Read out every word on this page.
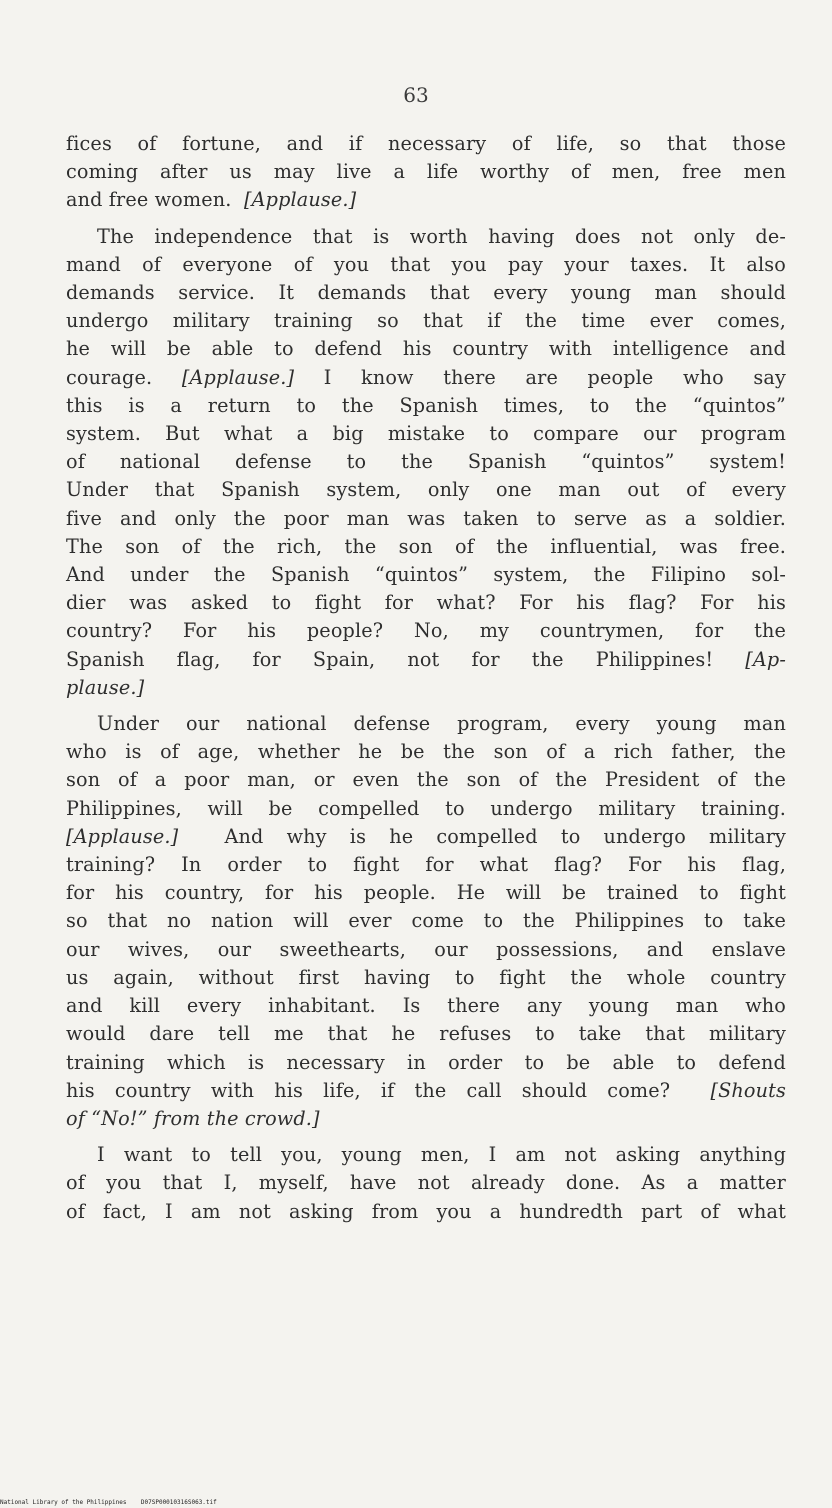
63
fices of fortune, and if necessary of life, so that those
coming after us may live a life worthy of men, free men
and free women. [Applause.]
The independence that is worth having does not only de-
mand of everyone of you that you pay your taxes. It also
demands service. It demands that every young man should
undergo military training so that if the time ever comes,
he will be able to defend his country with intelligence and
courage. [Applause.] I know there are people who say
this is a return to the Spanish times, to the “quintos”
system. But what a big mistake to compare our program
of national defense to the Spanish “quintos” system!
Under that Spanish system, only one man out of every
five and only the poor man was taken to serve as a soldier.
The son of the rich, the son of the influential, was free.
And under the Spanish “quintos” system, the Filipino sol-
dier was asked to fight for what? For his flag? For his
country? For his people? No, my countrymen, for the
Spanish flag, for Spain, not for the Philippines! [Ap-
plause.]
Under our national defense program, every young man
who is of age, whether he be the son of a rich father, the
son of a poor man, or even the son of the President of the
Philippines, will be compelled to undergo military training.
[Applause.] And why is he compelled to undergo military
training? In order to fight for what flag? For his flag,
for his country, for his people. He will be trained to fight
so that no nation will ever come to the Philippines to take
our wives, our sweethearts, our possessions, and enslave
us again, without first having to fight the whole country
and kill every inhabitant. Is there any young man who
would dare tell me that he refuses to take that military
training which is necessary in order to be able to defend
his country with his life, if the call should come? [Shouts
of “No!” from the crowd.]
I want to tell you, young men, I am not asking anything
of you that I, myself, have not already done. As a matter
of fact, I am not asking from you a hundredth part of what
National Library of the Philippines D07SP00010316S063.tif
